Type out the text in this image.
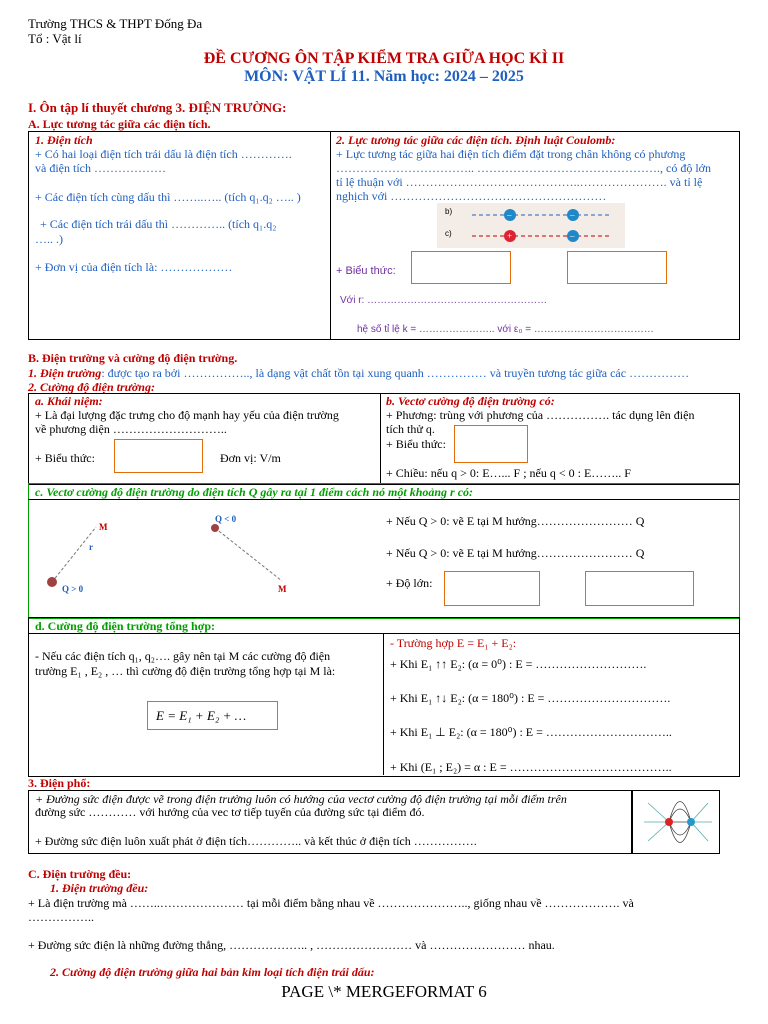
Trường THCS & THPT Đống Đa
Tổ : Vật lí
ĐỀ CƯƠNG ÔN TẬP KIỂM TRA GIỮA HỌC KÌ II
MÔN: VẬT LÍ 11. Năm học: 2024 – 2025
I. Ôn tập lí thuyết chương 3. ĐIỆN TRƯỜNG:
A. Lực tương tác giữa các điện tích.
1. Điện tích
+ Có hai loại điện tích trái dấu là điện tích ………….
và điện tích ………………
+ Các điện tích cùng dấu thì ……..….. (tích q₁.q₂ ….. )
+ Các điện tích trái dấu thì ………….. (tích q₁.q₂
….. .)
+ Đơn vị của điện tích là: ………………
2. Lực tương tác giữa các điện tích. Định luật Coulomb:
+ Lực tương tác giữa hai điện tích điểm đặt trong chân không có phương
…………………………….. ………………………………………., có độ lớn
tỉ lệ thuận với ……………………………………..…………………. và tỉ lệ
nghịch với ………………………………………………
b)
c)
–	–
+	–
+ Biểu thức:
Với r: ………………………………………………
hệ số tỉ lệ k = ………………….. với ε₀ = ………………………………
B. Điện trường và cường độ điện trường.
1. Điện trường: được tạo ra bởi …………….., là dạng vật chất tồn tại xung quanh …………… và truyền tương tác giữa các ……………
2. Cường độ điện trường:
a. Khái niệm:
+ Là đại lượng đặc trưng cho độ mạnh hay yếu của điện trường
về phương diện ………………………..
+ Biểu thức:	Đơn vị: V/m
b. Vectơ cường độ điện trường có:
+ Phương: trùng với phương của ……………. tác dụng lên điện
tích thử q.
+ Biểu thức:
+ Chiều: nếu q > 0: E…... F ; nếu q < 0 : E…….. F
c. Vectơ cường độ điện trường do điện tích Q gây ra tại 1 điểm cách nó một khoảng r có:
M
r
Q > 0
Q < 0
M
+ Nếu Q > 0: vẽ E tại M hướng…………………… Q
+ Nếu Q > 0: vẽ E tại M hướng…………………… Q
+ Độ lớn:
d. Cường độ điện trường tổng hợp:
- Nếu các điện tích q₁, q₂…. gây nên tại M các cường độ điện
trường E₁ , E₂ , … thì cường độ điện trường tổng hợp tại M là:
E = E₁ + E₂ + …
- Trường hợp E = E₁ + E₂:
+ Khi E₁ ↑↑ E₂: (α = 0⁰) : E = ……………………….
+ Khi E₁ ↑↓ E₂: (α = 180⁰) : E = ………………………….
+ Khi E₁ ⊥ E₂: (α = 180⁰) : E = …………………………..
+ Khi (E₁ ; E₂) = α : E = …………………………………..
3. Điện phổ:
+ Đường sức điện được vẽ trong điện trường luôn có hướng của vectơ cường độ điện trường tại mỗi điểm trên
đường sức ………… với hướng của vec tơ tiếp tuyến của đường sức tại điểm đó.
+ Đường sức điện luôn xuất phát ở điện tích………….. và kết thúc ở điện tích …………….
C. Điện trường đều:
1. Điện trường đều:
+ Là điện trường mà ……..………………… tại mỗi điểm bằng nhau về ………………….., giống nhau về ………………. và
……………..
+ Đường sức điện là những đường thẳng, ……………….. , …………………… và …………………… nhau.
2. Cường độ điện trường giữa hai bản kim loại tích điện trái dấu:
PAGE \* MERGEFORMAT 6
